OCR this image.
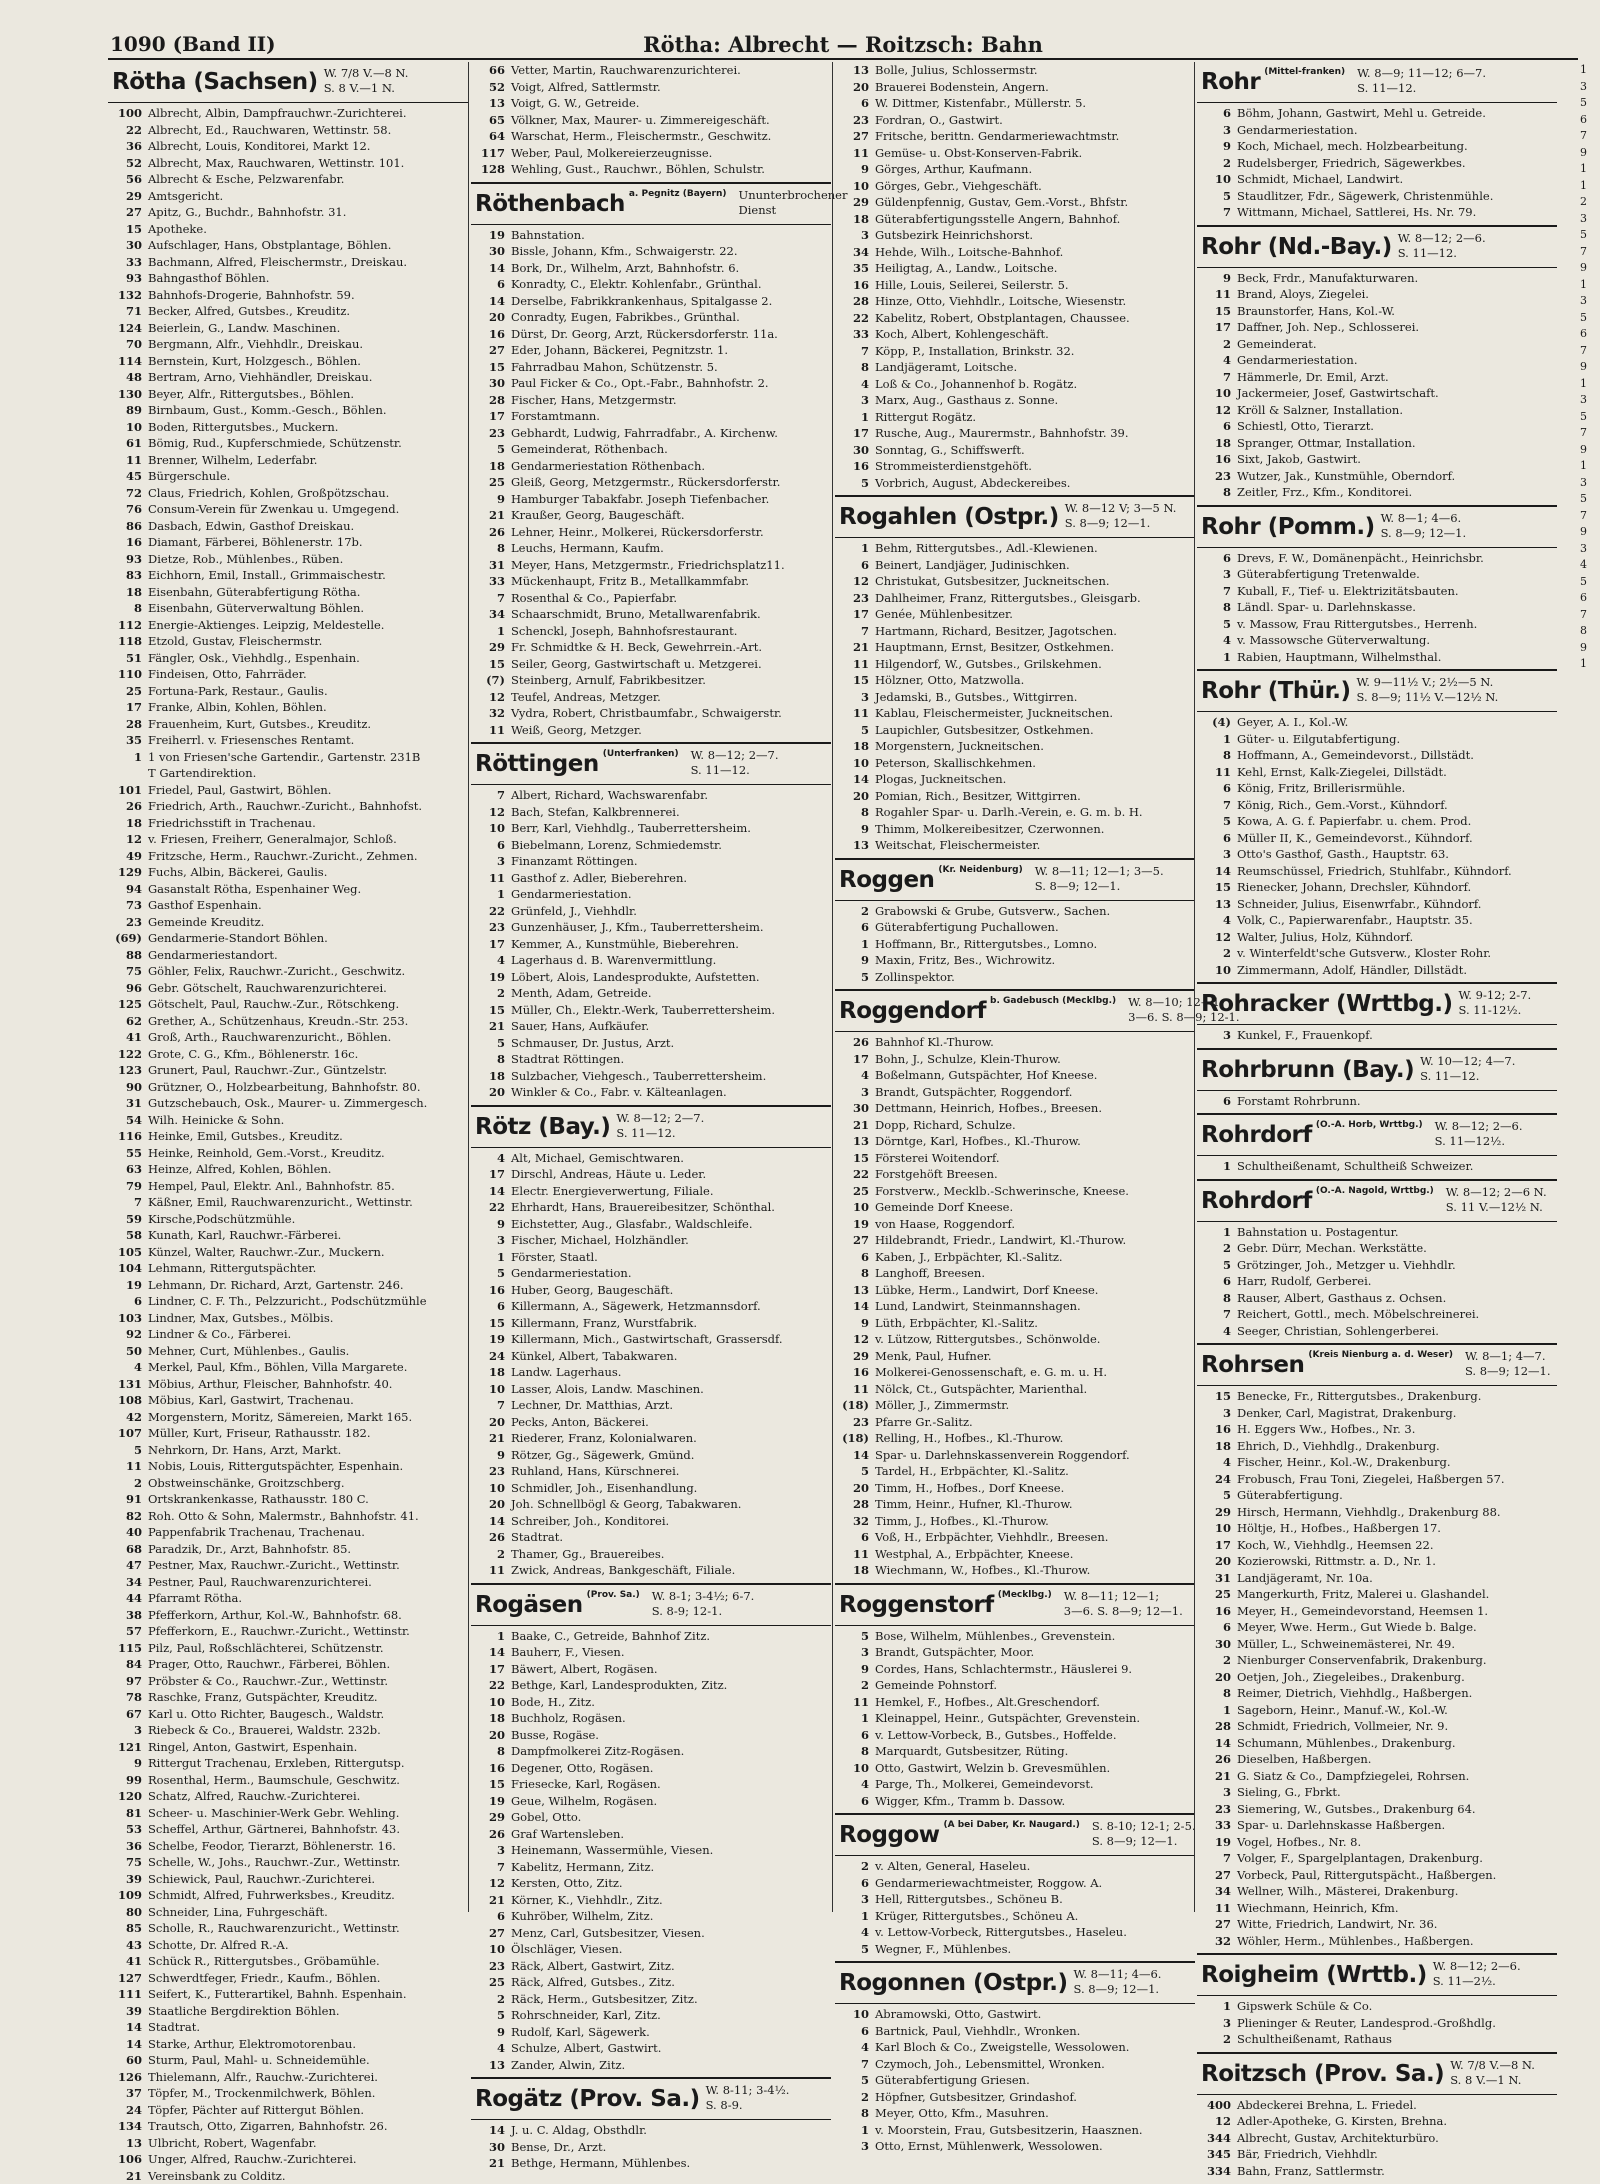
1090 (Band II)	Rötha: Albrecht — Roitzsch: Bahn
Rötha (Sachsen) W. 7/8 V.—8 N.
S. 8 V.—1 N.
100 Albrecht, Albin, Dampfrauchwr.-Zurichterei.
22 Albrecht, Ed., Rauchwaren, Wettinstr. 58.
36 Albrecht, Louis, Konditorei, Markt 12.
52 Albrecht, Max, Rauchwaren, Wettinstr. 101.
56 Albrecht & Esche, Pelzwarenfabr.
29 Amtsgericht.
27 Apitz, G., Buchdr., Bahnhofstr. 31.
15 Apotheke.
30 Aufschlager, Hans, Obstplantage, Böhlen.
33 Bachmann, Alfred, Fleischermstr., Dreiskau.
93 Bahngasthof Böhlen.
132 Bahnhofs-Drogerie, Bahnhofstr. 59.
71 Becker, Alfred, Gutsbes., Kreuditz.
124 Beierlein, G., Landw. Maschinen.
70 Bergmann, Alfr., Viehhdlr., Dreiskau.
114 Bernstein, Kurt, Holzgesch., Böhlen.
48 Bertram, Arno, Viehhändler, Dreiskau.
130 Beyer, Alfr., Rittergutsbes., Böhlen.
89 Birnbaum, Gust., Komm.-Gesch., Böhlen.
10 Boden, Rittergutsbes., Muckern.
61 Bömig, Rud., Kupferschmiede, Schützenstr.
11 Brenner, Wilhelm, Lederfabr.
45 Bürgerschule.
72 Claus, Friedrich, Kohlen, Großpötzschau.
76 Consum-Verein für Zwenkau u. Umgegend.
86 Dasbach, Edwin, Gasthof Dreiskau.
16 Diamant, Färberei, Böhlenerstr. 17b.
93 Dietze, Rob., Mühlenbes., Rüben.
83 Eichhorn, Emil, Install., Grimmaischestr.
18 Eisenbahn, Güterabfertigung Rötha.
8 Eisenbahn, Güterverwaltung Böhlen.
112 Energie-Aktienges. Leipzig, Meldestelle.
118 Etzold, Gustav, Fleischermstr.
51 Fängler, Osk., Viehhdlg., Espenhain.
110 Findeisen, Otto, Fahrräder.
25 Fortuna-Park, Restaur., Gaulis.
17 Franke, Albin, Kohlen, Böhlen.
28 Frauenheim, Kurt, Gutsbes., Kreuditz.
35 Freiherrl. v. Friesensches Rentamt.
1 1 von Friesen'sche Gartendir., Gartenstr. 231B
T Gartendirektion.
101 Friedel, Paul, Gastwirt, Böhlen.
26 Friedrich, Arth., Rauchwr.-Zuricht., Bahnhofst.
18 Friedrichsstift in Trachenau.
12 v. Friesen, Freiherr, Generalmajor, Schloß.
49 Fritzsche, Herm., Rauchwr.-Zuricht., Zehmen.
129 Fuchs, Albin, Bäckerei, Gaulis.
94 Gasanstalt Rötha, Espenhainer Weg.
73 Gasthof Espenhain.
23 Gemeinde Kreuditz.
(69) Gendarmerie-Standort Böhlen.
88 Gendarmeriestandort.
75 Göhler, Felix, Rauchwr.-Zuricht., Geschwitz.
96 Gebr. Götschelt, Rauchwarenzurichterei.
125 Götschelt, Paul, Rauchw.-Zur., Rötschkeng.
62 Grether, A., Schützenhaus, Kreudn.-Str. 253.
41 Groß, Arth., Rauchwarenzuricht., Böhlen.
122 Grote, C. G., Kfm., Böhlenerstr. 16c.
123 Grunert, Paul, Rauchwr.-Zur., Güntzelstr.
90 Grützner, O., Holzbearbeitung, Bahnhofstr. 80.
31 Gutzschebauch, Osk., Maurer- u. Zimmergesch.
54 Wilh. Heinicke & Sohn.
116 Heinke, Emil, Gutsbes., Kreuditz.
55 Heinke, Reinhold, Gem.-Vorst., Kreuditz.
63 Heinze, Alfred, Kohlen, Böhlen.
79 Hempel, Paul, Elektr. Anl., Bahnhofstr. 85.
7 Käßner, Emil, Rauchwarenzuricht., Wettinstr.
59 Kirsche,Podschützmühle.
58 Kunath, Karl, Rauchwr.-Färberei.
105 Künzel, Walter, Rauchwr.-Zur., Muckern.
104 Lehmann, Rittergutspächter.
19 Lehmann, Dr. Richard, Arzt, Gartenstr. 246.
6 Lindner, C. F. Th., Pelzzuricht., Podschützmühle
103 Lindner, Max, Gutsbes., Mölbis.
92 Lindner & Co., Färberei.
50 Mehner, Curt, Mühlenbes., Gaulis.
4 Merkel, Paul, Kfm., Böhlen, Villa Margarete.
131 Möbius, Arthur, Fleischer, Bahnhofstr. 40.
108 Möbius, Karl, Gastwirt, Trachenau.
42 Morgenstern, Moritz, Sämereien, Markt 165.
107 Müller, Kurt, Friseur, Rathausstr. 182.
5 Nehrkorn, Dr. Hans, Arzt, Markt.
11 Nobis, Louis, Rittergutspächter, Espenhain.
2 Obstweinschänke, Groitzschberg.
91 Ortskrankenkasse, Rathausstr. 180 C.
82 Roh. Otto & Sohn, Malermstr., Bahnhofstr. 41.
40 Pappenfabrik Trachenau, Trachenau.
68 Paradzik, Dr., Arzt, Bahnhofstr. 85.
47 Pestner, Max, Rauchwr.-Zuricht., Wettinstr.
34 Pestner, Paul, Rauchwarenzurichterei.
44 Pfarramt Rötha.
38 Pfefferkorn, Arthur, Kol.-W., Bahnhofstr. 68.
57 Pfefferkorn, E., Rauchwr.-Zuricht., Wettinstr.
115 Pilz, Paul, Roßschlächterei, Schützenstr.
84 Prager, Otto, Rauchwr., Färberei, Böhlen.
97 Pröbster & Co., Rauchwr.-Zur., Wettinstr.
78 Raschke, Franz, Gutspächter, Kreuditz.
67 Karl u. Otto Richter, Baugesch., Waldstr.
3 Riebeck & Co., Brauerei, Waldstr. 232b.
121 Ringel, Anton, Gastwirt, Espenhain.
9 Rittergut Trachenau, Erxleben, Rittergutsp.
99 Rosenthal, Herm., Baumschule, Geschwitz.
120 Schatz, Alfred, Rauchw.-Zurichterei.
81 Scheer- u. Maschinier-Werk Gebr. Wehling.
53 Scheffel, Arthur, Gärtnerei, Bahnhofstr. 43.
36 Schelbe, Feodor, Tierarzt, Böhlenerstr. 16.
75 Schelle, W., Johs., Rauchwr.-Zur., Wettinstr.
39 Schiewick, Paul, Rauchwr.-Zurichterei.
109 Schmidt, Alfred, Fuhrwerksbes., Kreuditz.
80 Schneider, Lina, Fuhrgeschäft.
85 Scholle, R., Rauchwarenzuricht., Wettinstr.
43 Schotte, Dr. Alfred R.-A.
41 Schück R., Rittergutsbes., Gröbamühle.
127 Schwerdtfeger, Friedr., Kaufm., Böhlen.
111 Seifert, K., Futterartikel, Bahnh. Espenhain.
39 Staatliche Bergdirektion Böhlen.
14 Stadtrat.
14 Starke, Arthur, Elektromotorenbau.
60 Sturm, Paul, Mahl- u. Schneidemühle.
126 Thielemann, Alfr., Rauchw.-Zurichterei.
37 Töpfer, M., Trockenmilchwerk, Böhlen.
24 Töpfer, Pächter auf Rittergut Böhlen.
134 Trautsch, Otto, Zigarren, Bahnhofstr. 26.
13 Ulbricht, Robert, Wagenfabr.
106 Unger, Alfred, Rauchw.-Zurichterei.
21 Vereinsbank zu Colditz.
66 Vetter, Martin, Rauchwarenzurichterei.
52 Voigt, Alfred, Sattlermstr.
13 Voigt, G. W., Getreide.
65 Völkner, Max, Maurer- u. Zimmereigeschäft.
64 Warschat, Herm., Fleischermstr., Geschwitz.
117 Weber, Paul, Molkereierzeugnisse.
128 Wehling, Gust., Rauchwr., Böhlen, Schulstr.
Röthenbach a. Pegnitz (Bayern) Ununterbrochener
Dienst
19 Bahnstation.
30 Bissle, Johann, Kfm., Schwaigerstr. 22.
14 Bork, Dr., Wilhelm, Arzt, Bahnhofstr. 6.
6 Konradty, C., Elektr. Kohlenfabr., Grünthal.
14 Derselbe, Fabrikkrankenhaus, Spitalgasse 2.
20 Conradty, Eugen, Fabrikbes., Grünthal.
16 Dürst, Dr. Georg, Arzt, Rückersdorferstr. 11a.
27 Eder, Johann, Bäckerei, Pegnitzstr. 1.
15 Fahrradbau Mahon, Schützenstr. 5.
30 Paul Ficker & Co., Opt.-Fabr., Bahnhofstr. 2.
28 Fischer, Hans, Metzgermstr.
17 Forstamtmann.
23 Gebhardt, Ludwig, Fahrradfabr., A. Kirchenw.
5 Gemeinderat, Röthenbach.
18 Gendarmeriestation Röthenbach.
25 Gleiß, Georg, Metzgermstr., Rückersdorferstr.
9 Hamburger Tabakfabr. Joseph Tiefenbacher.
21 Kraußer, Georg, Baugeschäft.
26 Lehner, Heinr., Molkerei, Rückersdorferstr.
8 Leuchs, Hermann, Kaufm.
31 Meyer, Hans, Metzgermstr., Friedrichsplatz11.
33 Mückenhaupt, Fritz B., Metallkammfabr.
7 Rosenthal & Co., Papierfabr.
34 Schaarschmidt, Bruno, Metallwarenfabrik.
1 Schenckl, Joseph, Bahnhofsrestaurant.
29 Fr. Schmidtke & H. Beck, Gewehrrein.-Art.
15 Seiler, Georg, Gastwirtschaft u. Metzgerei.
(7) Steinberg, Arnulf, Fabrikbesitzer.
12 Teufel, Andreas, Metzger.
32 Vydra, Robert, Christbaumfabr., Schwaigerstr.
11 Weiß, Georg, Metzger.
Röttingen (Unterfranken) W. 8—12; 2—7.
S. 11—12.
7 Albert, Richard, Wachswarenfabr.
12 Bach, Stefan, Kalkbrennerei.
10 Berr, Karl, Viehhdlg., Tauberrettersheim.
6 Biebelmann, Lorenz, Schmiedemstr.
3 Finanzamt Röttingen.
11 Gasthof z. Adler, Bieberehren.
1 Gendarmeriestation.
22 Grünfeld, J., Viehhdlr.
23 Gunzenhäuser, J., Kfm., Tauberrettersheim.
17 Kemmer, A., Kunstmühle, Bieberehren.
4 Lagerhaus d. B. Warenvermittlung.
19 Löbert, Alois, Landesprodukte, Aufstetten.
2 Menth, Adam, Getreide.
15 Müller, Ch., Elektr.-Werk, Tauberrettersheim.
21 Sauer, Hans, Aufkäufer.
5 Schmauser, Dr. Justus, Arzt.
8 Stadtrat Röttingen.
18 Sulzbacher, Viehgesch., Tauberrettersheim.
20 Winkler & Co., Fabr. v. Kälteanlagen.
Rötz (Bay.) W. 8—12; 2—7.
S. 11—12.
4 Alt, Michael, Gemischtwaren.
17 Dirschl, Andreas, Häute u. Leder.
14 Electr. Energieverwertung, Filiale.
22 Ehrhardt, Hans, Brauereibesitzer, Schönthal.
9 Eichstetter, Aug., Glasfabr., Waldschleife.
3 Fischer, Michael, Holzhändler.
1 Förster, Staatl.
5 Gendarmeriestation.
16 Huber, Georg, Baugeschäft.
6 Killermann, A., Sägewerk, Hetzmannsdorf.
15 Killermann, Franz, Wurstfabrik.
19 Killermann, Mich., Gastwirtschaft, Grassersdf.
24 Künkel, Albert, Tabakwaren.
18 Landw. Lagerhaus.
10 Lasser, Alois, Landw. Maschinen.
7 Lechner, Dr. Matthias, Arzt.
20 Pecks, Anton, Bäckerei.
21 Riederer, Franz, Kolonialwaren.
9 Rötzer, Gg., Sägewerk, Gmünd.
23 Ruhland, Hans, Kürschnerei.
10 Schmidler, Joh., Eisenhandlung.
20 Joh. Schnellbögl & Georg, Tabakwaren.
14 Schreiber, Joh., Konditorei.
26 Stadtrat.
2 Thamer, Gg., Brauereibes.
11 Zwick, Andreas, Bankgeschäft, Filiale.
Rogäsen (Prov. Sa.) W. 8-1; 3-4½; 6-7.
S. 8-9; 12-1.
1 Baake, C., Getreide, Bahnhof Zitz.
14 Bauherr, F., Viesen.
17 Bäwert, Albert, Rogäsen.
22 Bethge, Karl, Landesprodukten, Zitz.
10 Bode, H., Zitz.
18 Buchholz, Rogäsen.
20 Busse, Rogäse.
8 Dampfmolkerei Zitz-Rogäsen.
16 Degener, Otto, Rogäsen.
15 Friesecke, Karl, Rogäsen.
19 Geue, Wilhelm, Rogäsen.
29 Gobel, Otto.
26 Graf Wartensleben.
3 Heinemann, Wassermühle, Viesen.
7 Kabelitz, Hermann, Zitz.
12 Kersten, Otto, Zitz.
21 Körner, K., Viehhdlr., Zitz.
6 Kuhröber, Wilhelm, Zitz.
27 Menz, Carl, Gutsbesitzer, Viesen.
10 Ölschläger, Viesen.
23 Räck, Albert, Gastwirt, Zitz.
25 Räck, Alfred, Gutsbes., Zitz.
2 Räck, Herm., Gutsbesitzer, Zitz.
5 Rohrschneider, Karl, Zitz.
9 Rudolf, Karl, Sägewerk.
4 Schulze, Albert, Gastwirt.
13 Zander, Alwin, Zitz.
Rogätz (Prov. Sa.) W. 8-11; 3-4½.
S. 8-9.
14 J. u. C. Aldag, Obsthdlr.
30 Bense, Dr., Arzt.
21 Bethge, Hermann, Mühlenbes.
13 Bolle, Julius, Schlossermstr.
20 Brauerei Bodenstein, Angern.
6 W. Dittmer, Kistenfabr., Müllerstr. 5.
23 Fordran, O., Gastwirt.
27 Fritsche, berittn. Gendarmeriewachtmstr.
11 Gemüse- u. Obst-Konserven-Fabrik.
9 Görges, Arthur, Kaufmann.
10 Görges, Gebr., Viehgeschäft.
29 Güldenpfennig, Gustav, Gem.-Vorst., Bhfstr.
18 Güterabfertigungsstelle Angern, Bahnhof.
3 Gutsbezirk Heinrichshorst.
34 Hehde, Wilh., Loitsche-Bahnhof.
35 Heiligtag, A., Landw., Loitsche.
16 Hille, Louis, Seilerei, Seilerstr. 5.
28 Hinze, Otto, Viehhdlr., Loitsche, Wiesenstr.
22 Kabelitz, Robert, Obstplantagen, Chaussee.
33 Koch, Albert, Kohlengeschäft.
7 Köpp, P., Installation, Brinkstr. 32.
8 Landjägeramt, Loitsche.
4 Loß & Co., Johannenhof b. Rogätz.
3 Marx, Aug., Gasthaus z. Sonne.
1 Rittergut Rogätz.
17 Rusche, Aug., Maurermstr., Bahnhofstr. 39.
30 Sonntag, G., Schiffswerft.
16 Strommeisterdienstgehöft.
5 Vorbrich, August, Abdeckereibes.
Rogahlen (Ostpr.) W. 8—12 V; 3—5 N.
S. 8—9; 12—1.
1 Behm, Rittergutsbes., Adl.-Klewienen.
6 Beinert, Landjäger, Judinischken.
12 Christukat, Gutsbesitzer, Juckneitschen.
23 Dahlheimer, Franz, Rittergutsbes., Gleisgarb.
17 Genée, Mühlenbesitzer.
7 Hartmann, Richard, Besitzer, Jagotschen.
21 Hauptmann, Ernst, Besitzer, Ostkehmen.
11 Hilgendorf, W., Gutsbes., Grilskehmen.
15 Hölzner, Otto, Matzwolla.
3 Jedamski, B., Gutsbes., Wittgirren.
11 Kablau, Fleischermeister, Juckneitschen.
5 Laupichler, Gutsbesitzer, Ostkehmen.
18 Morgenstern, Juckneitschen.
10 Peterson, Skallischkehmen.
14 Plogas, Juckneitschen.
20 Pomian, Rich., Besitzer, Wittgirren.
8 Rogahler Spar- u. Darlh.-Verein, e. G. m. b. H.
9 Thimm, Molkereibesitzer, Czerwonnen.
13 Weitschat, Fleischermeister.
Roggen (Kr. Neidenburg) W. 8—11; 12—1; 3—5.
S. 8—9; 12—1.
2 Grabowski & Grube, Gutsverw., Sachen.
6 Güterabfertigung Puchallowen.
1 Hoffmann, Br., Rittergutsbes., Lomno.
9 Maxin, Fritz, Bes., Wichrowitz.
5 Zollinspektor.
Roggendorf b. Gadebusch (Mecklbg.) W. 8—10; 12—1;
3—6. S. 8—9; 12-1.
26 Bahnhof Kl.-Thurow.
17 Bohn, J., Schulze, Klein-Thurow.
4 Boßelmann, Gutspächter, Hof Kneese.
3 Brandt, Gutspächter, Roggendorf.
30 Dettmann, Heinrich, Hofbes., Breesen.
21 Dopp, Richard, Schulze.
13 Dörntge, Karl, Hofbes., Kl.-Thurow.
15 Försterei Woitendorf.
22 Forstgehöft Breesen.
25 Forstverw., Mecklb.-Schwerinsche, Kneese.
10 Gemeinde Dorf Kneese.
19 von Haase, Roggendorf.
27 Hildebrandt, Friedr., Landwirt, Kl.-Thurow.
6 Kaben, J., Erbpächter, Kl.-Salitz.
8 Langhoff, Breesen.
13 Lübke, Herm., Landwirt, Dorf Kneese.
14 Lund, Landwirt, Steinmannshagen.
9 Lüth, Erbpächter, Kl.-Salitz.
12 v. Lützow, Rittergutsbes., Schönwolde.
29 Menk, Paul, Hufner.
16 Molkerei-Genossenschaft, e. G. m. u. H.
11 Nölck, Ct., Gutspächter, Marienthal.
(18) Möller, J., Zimmermstr.
23 Pfarre Gr.-Salitz.
(18) Relling, H., Hofbes., Kl.-Thurow.
14 Spar- u. Darlehnskassenverein Roggendorf.
5 Tardel, H., Erbpächter, Kl.-Salitz.
20 Timm, H., Hofbes., Dorf Kneese.
28 Timm, Heinr., Hufner, Kl.-Thurow.
32 Timm, J., Hofbes., Kl.-Thurow.
6 Voß, H., Erbpächter, Viehhdlr., Breesen.
11 Westphal, A., Erbpächter, Kneese.
18 Wiechmann, W., Hofbes., Kl.-Thurow.
Roggenstorf (Mecklbg.) W. 8—11; 12—1;
3—6. S. 8—9; 12—1.
5 Bose, Wilhelm, Mühlenbes., Grevenstein.
3 Brandt, Gutspächter, Moor.
9 Cordes, Hans, Schlachtermstr., Häuslerei 9.
2 Gemeinde Pohnstorf.
11 Hemkel, F., Hofbes., Alt.Greschendorf.
1 Kleinappel, Heinr., Gutspächter, Grevenstein.
6 v. Lettow-Vorbeck, B., Gutsbes., Hoffelde.
8 Marquardt, Gutsbesitzer, Rüting.
10 Otto, Gastwirt, Welzin b. Grevesmühlen.
4 Parge, Th., Molkerei, Gemeindevorst.
6 Wigger, Kfm., Tramm b. Dassow.
Roggow (A bei Daber, Kr. Naugard.) S. 8-10; 12-1; 2-5.
S. 8—9; 12—1.
2 v. Alten, General, Haseleu.
6 Gendarmeriewachtmeister, Roggow. A.
3 Hell, Rittergutsbes., Schöneu B.
1 Krüger, Rittergutsbes., Schöneu A.
4 v. Lettow-Vorbeck, Rittergutsbes., Haseleu.
5 Wegner, F., Mühlenbes.
Rogonnen (Ostpr.) W. 8—11; 4—6.
S. 8—9; 12—1.
10 Abramowski, Otto, Gastwirt.
6 Bartnick, Paul, Viehhdlr., Wronken.
4 Karl Bloch & Co., Zweigstelle, Wessolowen.
7 Czymoch, Joh., Lebensmittel, Wronken.
5 Güterabfertigung Griesen.
2 Höpfner, Gutsbesitzer, Grindashof.
8 Meyer, Otto, Kfm., Masuhren.
1 v. Moorstein, Frau, Gutsbesitzerin, Haasznen.
3 Otto, Ernst, Mühlenwerk, Wessolowen.
Rohr (Mittel-franken) W. 8—9; 11—12; 6—7.
S. 11—12.
6 Böhm, Johann, Gastwirt, Mehl u. Getreide.
3 Gendarmeriestation.
9 Koch, Michael, mech. Holzbearbeitung.
2 Rudelsberger, Friedrich, Sägewerkbes.
10 Schmidt, Michael, Landwirt.
5 Staudlitzer, Fdr., Sägewerk, Christenmühle.
7 Wittmann, Michael, Sattlerei, Hs. Nr. 79.
Rohr (Nd.-Bay.) W. 8—12; 2—6.
S. 11—12.
9 Beck, Frdr., Manufakturwaren.
11 Brand, Aloys, Ziegelei.
15 Braunstorfer, Hans, Kol.-W.
17 Daffner, Joh. Nep., Schlosserei.
2 Gemeinderat.
4 Gendarmeriestation.
7 Hämmerle, Dr. Emil, Arzt.
10 Jackermeier, Josef, Gastwirtschaft.
12 Kröll & Salzner, Installation.
6 Schiestl, Otto, Tierarzt.
18 Spranger, Ottmar, Installation.
16 Sixt, Jakob, Gastwirt.
23 Wutzer, Jak., Kunstmühle, Oberndorf.
8 Zeitler, Frz., Kfm., Konditorei.
Rohr (Pomm.) W. 8—1; 4—6.
S. 8—9; 12—1.
6 Drevs, F. W., Domänenpächt., Heinrichsbr.
3 Güterabfertigung Tretenwalde.
7 Kuball, F., Tief- u. Elektrizitätsbauten.
8 Ländl. Spar- u. Darlehnskasse.
5 v. Massow, Frau Rittergutsbes., Herrenh.
4 v. Massowsche Güterverwaltung.
1 Rabien, Hauptmann, Wilhelmsthal.
Rohr (Thür.) W. 9—11½ V.; 2½—5 N.
S. 8—9; 11½ V.—12½ N.
(4) Geyer, A. I., Kol.-W.
1 Güter- u. Eilgutabfertigung.
8 Hoffmann, A., Gemeindevorst., Dillstädt.
11 Kehl, Ernst, Kalk-Ziegelei, Dillstädt.
6 König, Fritz, Brillerisrmühle.
7 König, Rich., Gem.-Vorst., Kühndorf.
5 Kowa, A. G. f. Papierfabr. u. chem. Prod.
6 Müller II, K., Gemeindevorst., Kühndorf.
3 Otto's Gasthof, Gasth., Hauptstr. 63.
14 Reumschüssel, Friedrich, Stuhlfabr., Kühndorf.
15 Rienecker, Johann, Drechsler, Kühndorf.
13 Schneider, Julius, Eisenwrfabr., Kühndorf.
4 Volk, C., Papierwarenfabr., Hauptstr. 35.
12 Walter, Julius, Holz, Kühndorf.
2 v. Winterfeldt'sche Gutsverw., Kloster Rohr.
10 Zimmermann, Adolf, Händler, Dillstädt.
Rohracker (Wrttbg.) W. 9-12; 2-7.
S. 11-12½.
3 Kunkel, F., Frauenkopf.
Rohrbrunn (Bay.) W. 10—12; 4—7.
S. 11—12.
6 Forstamt Rohrbrunn.
Rohrdorf (O.-A. Horb, Wrttbg.) W. 8—12; 2—6.
S. 11—12½.
1 Schultheißenamt, Schultheiß Schweizer.
Rohrdorf (O.-A. Nagold, Wrttbg.) W. 8—12; 2—6 N.
S. 11 V.—12½ N.
1 Bahnstation u. Postagentur.
2 Gebr. Dürr, Mechan. Werkstätte.
5 Grötzinger, Joh., Metzger u. Viehhdlr.
6 Harr, Rudolf, Gerberei.
8 Rauser, Albert, Gasthaus z. Ochsen.
7 Reichert, Gottl., mech. Möbelschreinerei.
4 Seeger, Christian, Sohlengerberei.
Rohrsen (Kreis Nienburg a. d. Weser) W. 8—1; 4—7.
S. 8—9; 12—1.
15 Benecke, Fr., Rittergutsbes., Drakenburg.
3 Denker, Carl, Magistrat, Drakenburg.
16 H. Eggers Ww., Hofbes., Nr. 3.
18 Ehrich, D., Viehhdlg., Drakenburg.
4 Fischer, Heinr., Kol.-W., Drakenburg.
24 Frobusch, Frau Toni, Ziegelei, Haßbergen 57.
5 Güterabfertigung.
29 Hirsch, Hermann, Viehhdlg., Drakenburg 88.
10 Höltje, H., Hofbes., Haßbergen 17.
17 Koch, W., Viehhdlg., Heemsen 22.
20 Kozierowski, Rittmstr. a. D., Nr. 1.
31 Landjägeramt, Nr. 10a.
25 Mangerkurth, Fritz, Malerei u. Glashandel.
16 Meyer, H., Gemeindevorstand, Heemsen 1.
6 Meyer, Wwe. Herm., Gut Wiede b. Balge.
30 Müller, L., Schweinemästerei, Nr. 49.
2 Nienburger Conservenfabrik, Drakenburg.
20 Oetjen, Joh., Ziegeleibes., Drakenburg.
8 Reimer, Dietrich, Viehhdlg., Haßbergen.
1 Sageborn, Heinr., Manuf.-W., Kol.-W.
28 Schmidt, Friedrich, Vollmeier, Nr. 9.
14 Schumann, Mühlenbes., Drakenburg.
26 Dieselben, Haßbergen.
21 G. Siatz & Co., Dampfziegelei, Rohrsen.
3 Sieling, G., Fbrkt.
23 Siemering, W., Gutsbes., Drakenburg 64.
33 Spar- u. Darlehnskasse Haßbergen.
19 Vogel, Hofbes., Nr. 8.
7 Volger, F., Spargelplantagen, Drakenburg.
27 Vorbeck, Paul, Rittergutspächt., Haßbergen.
34 Wellner, Wilh., Mästerei, Drakenburg.
11 Wiechmann, Heinrich, Kfm.
27 Witte, Friedrich, Landwirt, Nr. 36.
32 Wöhler, Herm., Mühlenbes., Haßbergen.
Roigheim (Wrttb.) W. 8—12; 2—6.
S. 11—2½.
1 Gipswerk Schüle & Co.
3 Plieninger & Reuter, Landesprod.-Großhdlg.
2 Schultheißenamt, Rathaus
Roitzsch (Prov. Sa.) W. 7/8 V.—8 N.
S. 8 V.—1 N.
400 Abdeckerei Brehna, L. Friedel.
12 Adler-Apotheke, G. Kirsten, Brehna.
344 Albrecht, Gustav, Architekturbüro.
345 Bär, Friedrich, Viehhdlr.
334 Bahn, Franz, Sattlermstr.
1
3
5
6
7
9
1
1
2
3
5
7
9
1
3
5
6
7
9
1
3
5
7
9
1
3
5
7
9
3
4
5
6
7
8
9
1
